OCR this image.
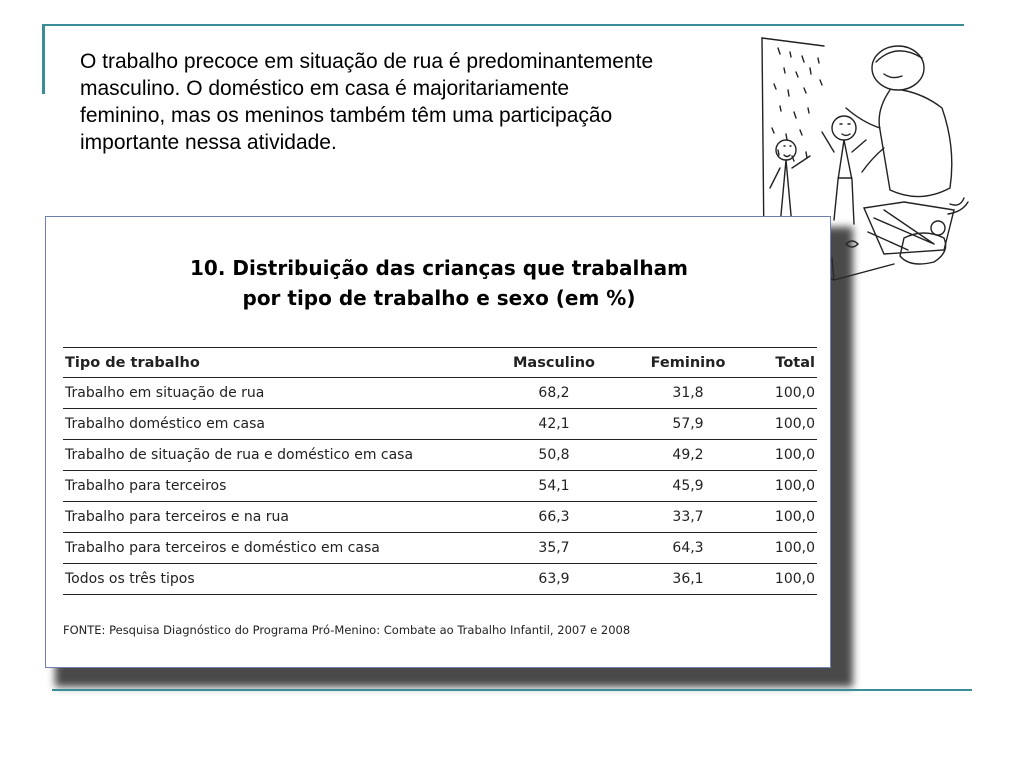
O trabalho precoce em situação de rua é predominantemente masculino. O doméstico em casa é majoritariamente feminino, mas os meninos também têm uma participação importante nessa atividade.

10. Distribuição das crianças que trabalham
por tipo de trabalho e sexo (em %)
Tipo de trabalho	Masculino	Feminino	Total
Trabalho em situação de rua	68,2	31,8	100,0
Trabalho doméstico em casa	42,1	57,9	100,0
Trabalho de situação de rua e doméstico em casa	50,8	49,2	100,0
Trabalho para terceiros	54,1	45,9	100,0
Trabalho para terceiros e na rua	66,3	33,7	100,0
Trabalho para terceiros e doméstico em casa	35,7	64,3	100,0
Todos os três tipos	63,9	36,1	100,0

FONTE: Pesquisa Diagnóstico do Programa Pró-Menino: Combate ao Trabalho Infantil, 2007 e 2008
